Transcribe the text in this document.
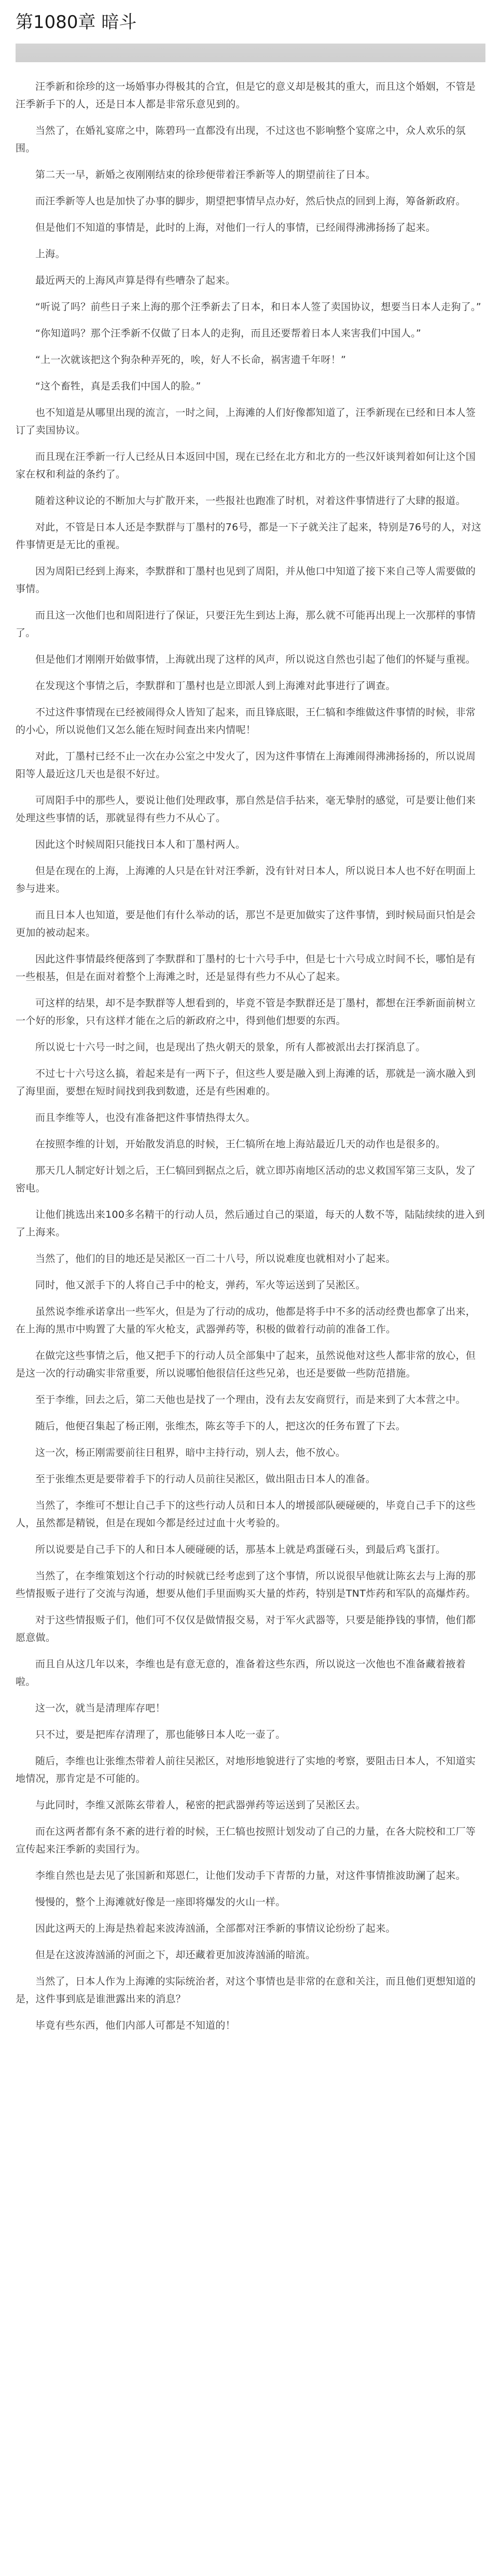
第1080章 暗斗

汪季新和徐珍的这一场婚事办得极其的合宜，但是它的意义却是极其的重大，而且这个婚姻，不管是汪季新手下的人，还是日本人都是非常乐意见到的。

当然了，在婚礼宴席之中，陈碧玛一直都没有出现，不过这也不影响整个宴席之中，众人欢乐的氛围。

第二天一早，新婚之夜刚刚结束的徐珍便带着汪季新等人的期望前往了日本。

而汪季新等人也是加快了办事的脚步，期望把事情早点办好，然后快点的回到上海，筹备新政府。

但是他们不知道的事情是，此时的上海，对他们一行人的事情，已经闹得沸沸扬扬了起来。

上海。

最近两天的上海风声算是得有些嘈杂了起来。

“听说了吗？前些日子来上海的那个汪季新去了日本，和日本人签了卖国协议，想要当日本人走狗了。”

“你知道吗？那个汪季新不仅做了日本人的走狗，而且还要帮着日本人来害我们中国人。”

“上一次就该把这个狗杂种弄死的，唉，好人不长命，祸害遗千年呀！”

“这个畜牲，真是丢我们中国人的脸。”

也不知道是从哪里出现的流言，一时之间，上海滩的人们好像都知道了，汪季新现在已经和日本人签订了卖国协议。

而且现在汪季新一行人已经从日本返回中国，现在已经在北方和北方的一些汉奸谈判着如何让这个国家在权和利益的条约了。

随着这种议论的不断加大与扩散开来，一些报社也跑准了时机，对着这件事情进行了大肆的报道。

对此，不管是日本人还是李默群与丁墨村的76号，都是一下子就关注了起来，特别是76号的人，对这件事情更是无比的重视。

因为周阳已经到上海来，李默群和丁墨村也见到了周阳，并从他口中知道了接下来自己等人需要做的事情。

而且这一次他们也和周阳进行了保证，只要汪先生到达上海，那么就不可能再出现上一次那样的事情了。

但是他们才刚刚开始做事情，上海就出现了这样的风声，所以说这自然也引起了他们的怀疑与重视。

在发现这个事情之后，李默群和丁墨村也是立即派人到上海滩对此事进行了调查。

不过这件事情现在已经被闹得众人皆知了起来，而且锋底眼，王仁犒和李维做这件事情的时候，非常的小心，所以说他们又怎么能在短时间查出来内情呢！

对此，丁墨村已经不止一次在办公室之中发火了，因为这件事情在上海滩闹得沸沸扬扬的，所以说周阳等人最近这几天也是很不好过。

可周阳手中的那些人，要说让他们处理政事，那自然是信手拈来，毫无挚肘的感觉，可是要让他们来处理这些事情的话，那就显得有些力不从心了。

因此这个时候周阳只能找日本人和丁墨村两人。

但是在现在的上海，上海滩的人只是在针对汪季新，没有针对日本人，所以说日本人也不好在明面上参与进来。

而且日本人也知道，要是他们有什么举动的话，那岂不是更加做实了这件事情，到时候局面只怕是会更加的被动起来。

因此这件事情最终便落到了李默群和丁墨村的七十六号手中，但是七十六号成立时间不长，哪怕是有一些根基，但是在面对着整个上海滩之时，还是显得有些力不从心了起来。

可这样的结果，却不是李默群等人想看到的，毕竟不管是李默群还是丁墨村，都想在汪季新面前树立一个好的形象，只有这样才能在之后的新政府之中，得到他们想要的东西。

所以说七十六号一时之间，也是现出了热火朝天的景象，所有人都被派出去打探消息了。

不过七十六号这么搞，着起来是有一两下子，但这些人要是融入到上海滩的话，那就是一滴水融入到了海里面，要想在短时间找到我到数遗，还是有些困难的。

而且李维等人，也没有准备把这件事情热得太久。

在按照李维的计划，开始散发消息的时候，王仁犒所在地上海站最近几天的动作也是很多的。

那天几人制定好计划之后，王仁犒回到据点之后，就立即苏南地区活动的忠义救国军第三支队，发了密电。

让他们挑选出来100多名精干的行动人员，然后通过自己的渠道，每天的人数不等，陆陆续续的进入到了上海来。

当然了，他们的目的地还是吴淞区一百二十八号，所以说难度也就相对小了起来。

同时，他又派手下的人将自己手中的枪支，弹药，军火等运送到了吴淞区。

虽然说李维承诺拿出一些军火，但是为了行动的成功，他都是将手中不多的活动经费也都拿了出来，在上海的黑市中购置了大量的军火枪支，武器弹药等，积极的做着行动前的准备工作。

在做完这些事情之后，他又把手下的行动人员全部集中了起来，虽然说他对这些人都非常的放心，但是这一次的行动确实非常重要，所以说哪怕他很信任这些兄弟，也还是要做一些防范措施。

至于李维，回去之后，第二天他也是找了一个理由，没有去友安商贸行，而是来到了大本营之中。

随后，他便召集起了杨正刚，张维杰，陈玄等手下的人，把这次的任务布置了下去。

这一次，杨正刚需要前往日租界，暗中主持行动，别人去，他不放心。

至于张维杰更是要带着手下的行动人员前往吴淞区，做出阻击日本人的准备。

当然了，李维可不想让自己手下的这些行动人员和日本人的增援部队硬碰硬的，毕竟自己手下的这些人，虽然都是精锐，但是在现如今都是经过过血十火考验的。

所以说要是自己手下的人和日本人硬碰硬的话，那基本上就是鸡蛋碰石头，到最后鸡飞蛋打。

当然了，在李维策划这个行动的时候就已经考虑到了这个事情，所以说很早他就让陈玄去与上海的那些情报贩子进行了交流与沟通，想要从他们手里面购买大量的炸药，特别是TNT炸药和军队的高爆炸药。

对于这些情报贩子们，他们可不仅仅是做情报交易，对于军火武器等，只要是能挣钱的事情，他们都愿意做。

而且自从这几年以来，李维也是有意无意的，准备着这些东西，所以说这一次他也不准备藏着掖着啦。

这一次，就当是清理库存吧！

只不过，要是把库存清理了，那也能够日本人吃一壶了。

随后，李维也让张维杰带着人前往吴淞区，对地形地貌进行了实地的考察，要阻击日本人，不知道实地情况，那肯定是不可能的。

与此同时，李维又派陈玄带着人，秘密的把武器弹药等运送到了吴淞区去。

而在这两者都有条不紊的进行着的时候，王仁犒也按照计划发动了自己的力量，在各大院校和工厂等宣传起来汪季新的卖国行为。

李维自然也是去见了张国新和郑恩仁，让他们发动手下青帮的力量，对这件事情推波助澜了起来。

慢慢的，整个上海滩就好像是一座即将爆发的火山一样。

因此这两天的上海是热着起来波涛汹涌，全部都对汪季新的事情议论纷纷了起来。

但是在这波涛汹涌的河面之下，却还藏着更加波涛汹涌的暗流。

当然了，日本人作为上海滩的实际统治者，对这个事情也是非常的在意和关注，而且他们更想知道的是，这件事到底是谁泄露出来的消息？

毕竟有些东西，他们内部人可都是不知道的！
